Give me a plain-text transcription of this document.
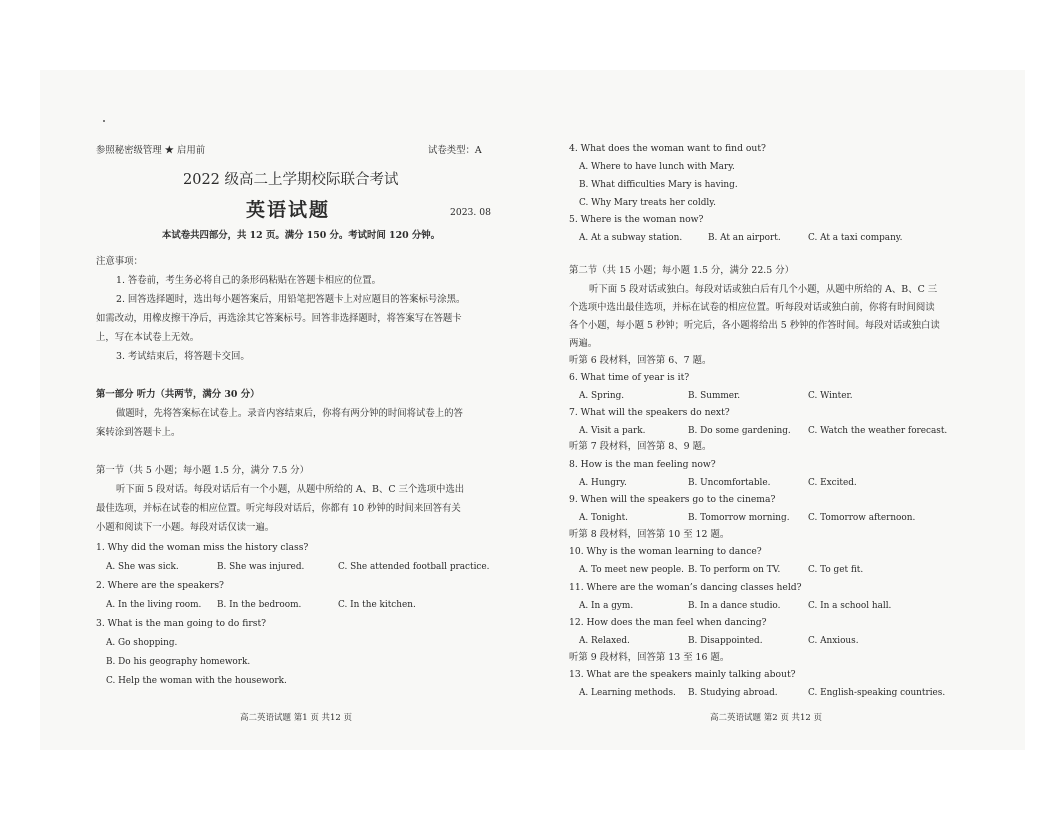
参照秘密级管理 ★ 启用前	试卷类型：A
2022 级高二上学期校际联合考试
英语试题	2023. 08
本试卷共四部分，共 12 页。满分 150 分。考试时间 120 分钟。
注意事项：
1. 答卷前，考生务必将自己的条形码粘贴在答题卡相应的位置。
2. 回答选择题时，选出每小题答案后，用铅笔把答题卡上对应题目的答案标号涂黑。
如需改动，用橡皮擦干净后，再选涂其它答案标号。回答非选择题时，将答案写在答题卡
上，写在本试卷上无效。
3. 考试结束后，将答题卡交回。
第一部分 听力（共两节，满分 30 分）
做题时，先将答案标在试卷上。录音内容结束后，你将有两分钟的时间将试卷上的答
案转涂到答题卡上。
第一节（共 5 小题；每小题 1.5 分，满分 7.5 分）
听下面 5 段对话。每段对话后有一个小题，从题中所给的 A、B、C 三个选项中选出
最佳选项，并标在试卷的相应位置。听完每段对话后，你都有 10 秒钟的时间来回答有关
小题和阅读下一小题。每段对话仅读一遍。
1. Why did the woman miss the history class?
A. She was sick.	B. She was injured.	C. She attended football practice.
2. Where are the speakers?
A. In the living room. B. In the bedroom.	C. In the kitchen.
3. What is the man going to do first?
A. Go shopping.
B. Do his geography homework.
C. Help the woman with the housework.
高二英语试题 第1 页 共12 页
4. What does the woman want to find out?
A. Where to have lunch with Mary.
B. What difficulties Mary is having.
C. Why Mary treats her coldly.
5. Where is the woman now?
A. At a subway station.	B. At an airport.	C. At a taxi company.
第二节（共 15 小题；每小题 1.5 分，满分 22.5 分）
听下面 5 段对话或独白。每段对话或独白后有几个小题，从题中所给的 A、B、C 三
个选项中选出最佳选项，并标在试卷的相应位置。听每段对话或独白前，你将有时间阅读
各个小题，每小题 5 秒钟；听完后，各小题将给出 5 秒钟的作答时间。每段对话或独白读
两遍。
听第 6 段材料，回答第 6、7 题。
6. What time of year is it?
A. Spring.	B. Summer.	C. Winter.
7. What will the speakers do next?
A. Visit a park.	B. Do some gardening. C. Watch the weather forecast.
听第 7 段材料，回答第 8、9 题。
8. How is the man feeling now?
A. Hungry.	B. Uncomfortable.	C. Excited.
9. When will the speakers go to the cinema?
A. Tonight.	B. Tomorrow morning. C. Tomorrow afternoon.
听第 8 段材料，回答第 10 至 12 题。
10. Why is the woman learning to dance?
A. To meet new people. B. To perform on TV.	C. To get fit.
11. Where are the woman’s dancing classes held?
A. In a gym.	B. In a dance studio.	C. In a school hall.
12. How does the man feel when dancing?
A. Relaxed.	B. Disappointed.	C. Anxious.
听第 9 段材料，回答第 13 至 16 题。
13. What are the speakers mainly talking about?
A. Learning methods. B. Studying abroad.	C. English-speaking countries.
高二英语试题 第2 页 共12 页
